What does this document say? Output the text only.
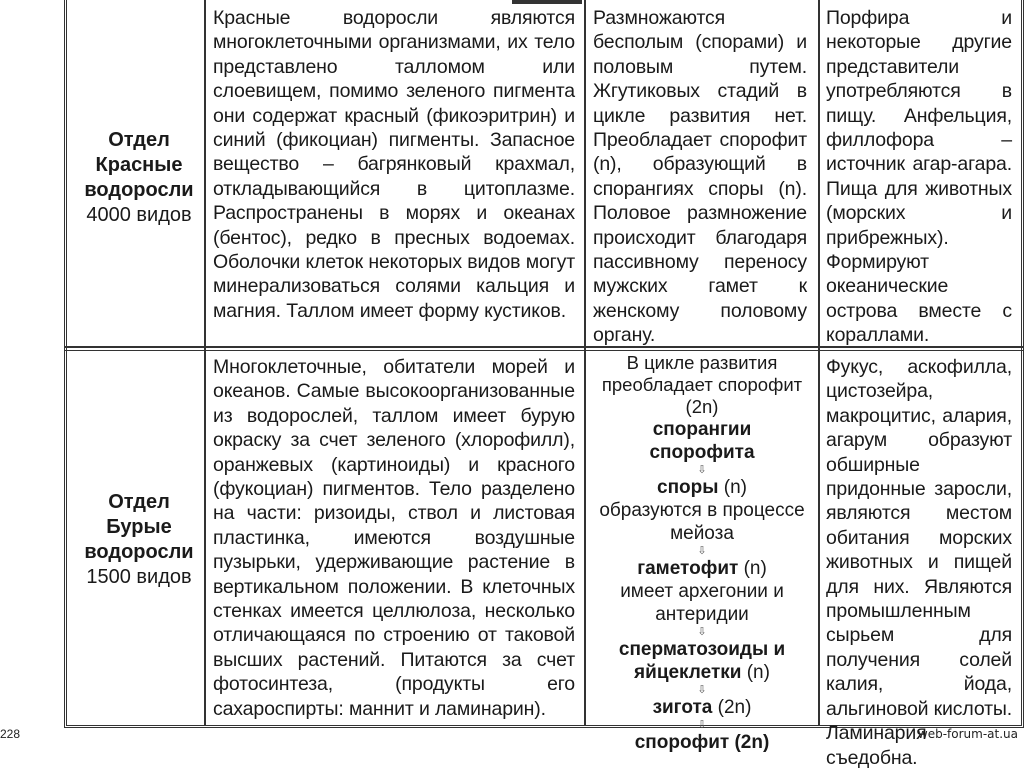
Отдел
Красные
водоросли
4000 видов

Красные водоросли являются многоклеточными организмами, их тело представлено талломом или слоевищем, помимо зеленого пигмента они содержат красный (фикоэритрин) и синий (фикоциан) пигменты. Запасное вещество – багрянковый крахмал, откладывающийся в цитоплазме. Распространены в морях и океанах (бентос), редко в пресных водоемах. Оболочки клеток некоторых видов могут минерализоваться солями кальция и магния. Таллом имеет форму кустиков.

Размножаются бесполым (спорами) и половым путем. Жгутиковых стадий в цикле развития нет. Преобладает спорофит (n), образующий в спорангиях споры (n). Половое размножение происходит благодаря пассивному переносу мужских гамет к женскому половому органу.

Порфира и некоторые другие представители употребляются в пищу. Анфельция, филлофора – источник агар-агара. Пища для животных (морских и прибрежных). Формируют океанические острова вместе с кораллами.

Отдел
Бурые
водоросли
1500 видов

Многоклеточные, обитатели морей и океанов. Самые высокоорганизованные из водорослей, таллом имеет бурую окраску за счет зеленого (хлорофилл), оранжевых (картиноиды) и красного (фукоциан) пигментов. Тело разделено на части: ризоиды, ствол и листовая пластинка, имеются воздушные пузырьки, удерживающие растение в вертикальном положении. В клеточных стенках имеется целлюлоза, несколько отличающаяся по строению от таковой высших растений. Питаются за счет фотосинтеза, (продукты его сахароспирты: маннит и ламинарин).

В цикле развития преобладает спорофит (2n)
спорангии спорофита
⇩
споры (n)
образуются в процессе мейоза
⇩
гаметофит (n)
имеет архегонии и антеридии
⇩
сперматозоиды и яйцеклетки (n)
⇩
зигота (2n)
⇩
спорофит (2n)

Фукус, аскофилла, цистозейра, макроцитис, алария, агарум образуют обширные придонные заросли, являются местом обитания морских животных и пищей для них. Являются промышленным сырьем для получения солей калия, йода, альгиновой кислоты. Ламинария съедобна.

228	web-forum-at.ua
